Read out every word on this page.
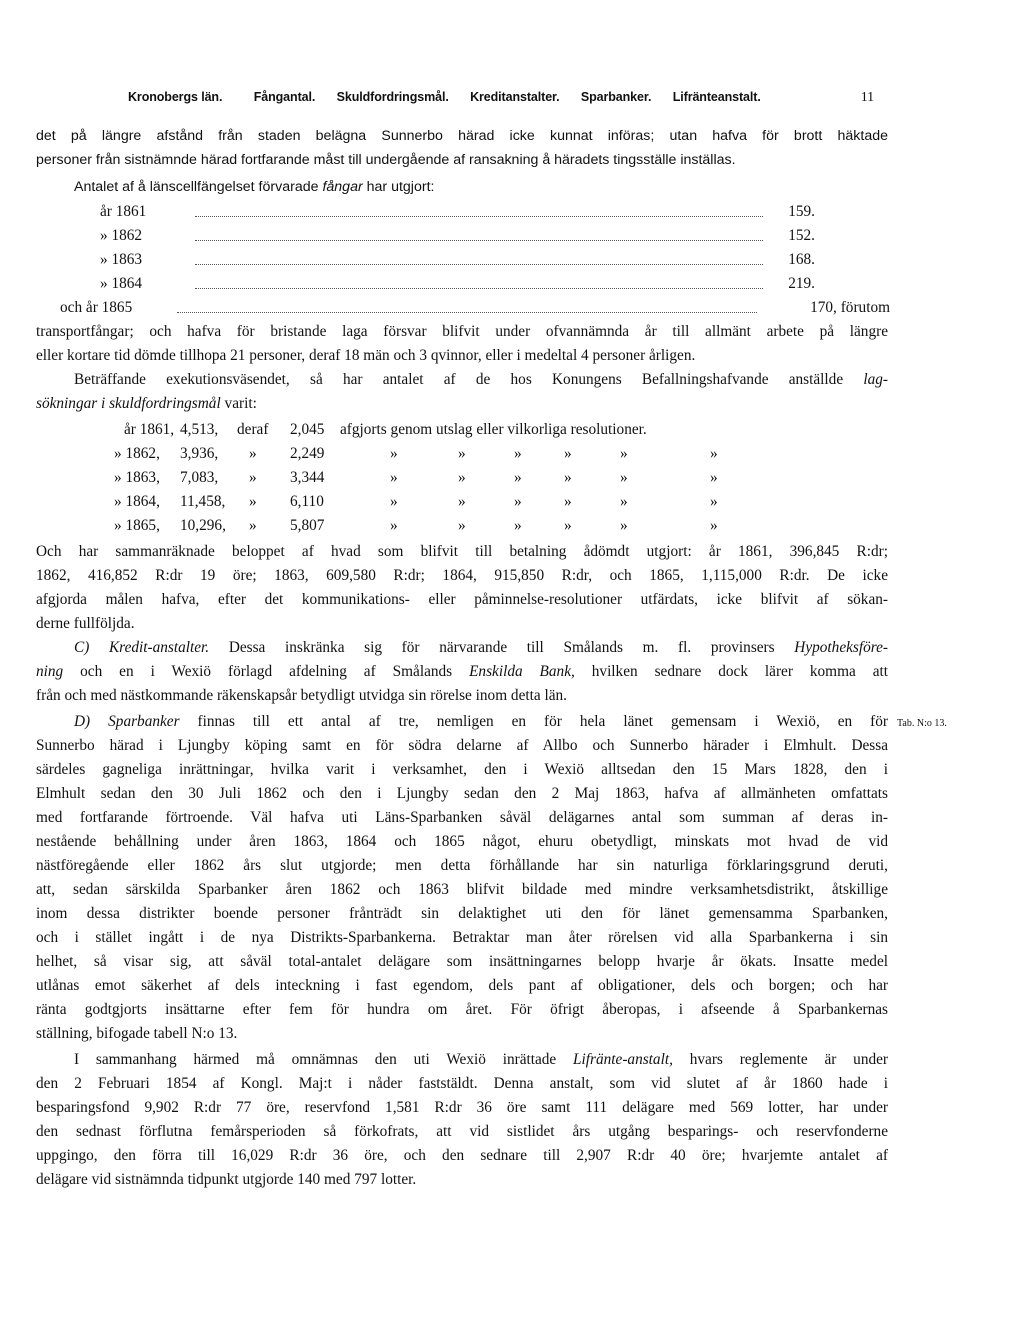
Kronobergs län.	Fångantal. Skuldfordringsmål. Kreditanstalter. Sparbanker. Lifränteanstalt.	11
det på längre afstånd från staden belägna Sunnerbo härad icke kunnat införas; utan hafva för brott häktade
personer från sistnämnde härad fortfarande måst till undergående af ransakning å häradets tingsställe inställas.
Antalet af å länscellfängelset förvarade fångar har utgjort:
år 1861	159.
» 1862	152.
» 1863	168.
» 1864	219.
och år 1865	170, förutom
transportfångar; och hafva för bristande laga försvar blifvit under ofvannämnda år till allmänt arbete på längre
eller kortare tid dömde tillhopa 21 personer, deraf 18 män och 3 qvinnor, eller i medeltal 4 personer årligen.
Beträffande exekutionsväsendet, så har antalet af de hos Konungens Befallningshafvande anställde lag-
sökningar i skuldfordringsmål varit:
år 1861, 4,513, deraf 2,045 afgjorts genom utslag eller vilkorliga resolutioner.
» 1862, 3,936, » 2,249	»	»	»	»	»	»
» 1863, 7,083, » 3,344	»	»	»	»	»	»
» 1864, 11,458, » 6,110	»	»	»	»	»	»
» 1865, 10,296, » 5,807	»	»	»	»	»	»
Och har sammanräknade beloppet af hvad som blifvit till betalning ådömdt utgjort: år 1861, 396,845 R:dr;
1862, 416,852 R:dr 19 öre; 1863, 609,580 R:dr; 1864, 915,850 R:dr, och 1865, 1,115,000 R:dr. De icke
afgjorda målen hafva, efter det kommunikations- eller påminnelse-resolutioner utfärdats, icke blifvit af sökan-
derne fullföljda.
C) Kredit-anstalter. Dessa inskränka sig för närvarande till Smålands m. fl. provinsers Hypotheksföre-
ning och en i Wexiö förlagd afdelning af Smålands Enskilda Bank, hvilken sednare dock lärer komma att
från och med nästkommande räkenskapsår betydligt utvidga sin rörelse inom detta län.
D) Sparbanker finnas till ett antal af tre, nemligen en för hela länet gemensam i Wexiö, en för Tab. N:o 13.
Sunnerbo härad i Ljungby köping samt en för södra delarne af Allbo och Sunnerbo härader i Elmhult. Dessa
särdeles gagneliga inrättningar, hvilka varit i verksamhet, den i Wexiö alltsedan den 15 Mars 1828, den i
Elmhult sedan den 30 Juli 1862 och den i Ljungby sedan den 2 Maj 1863, hafva af allmänheten omfattats
med fortfarande förtroende. Väl hafva uti Läns-Sparbanken såväl delägarnes antal som summan af deras in-
nestående behållning under åren 1863, 1864 och 1865 något, ehuru obetydligt, minskats mot hvad de vid
nästföregående eller 1862 års slut utgjorde; men detta förhållande har sin naturliga förklaringsgrund deruti,
att, sedan särskilda Sparbanker åren 1862 och 1863 blifvit bildade med mindre verksamhetsdistrikt, åtskillige
inom dessa distrikter boende personer frånträdt sin delaktighet uti den för länet gemensamma Sparbanken,
och i stället ingått i de nya Distrikts-Sparbankerna. Betraktar man åter rörelsen vid alla Sparbankerna i sin
helhet, så visar sig, att såväl total-antalet delägare som insättningarnes belopp hvarje år ökats. Insatte medel
utlånas emot säkerhet af dels inteckning i fast egendom, dels pant af obligationer, dels och borgen; och har
ränta godtgjorts insättarne efter fem för hundra om året. För öfrigt åberopas, i afseende å Sparbankernas
ställning, bifogade tabell N:o 13.
I sammanhang härmed må omnämnas den uti Wexiö inrättade Lifränte-anstalt, hvars reglemente är under
den 2 Februari 1854 af Kongl. Maj:t i nåder faststäldt. Denna anstalt, som vid slutet af år 1860 hade i
besparingsfond 9,902 R:dr 77 öre, reservfond 1,581 R:dr 36 öre samt 111 delägare med 569 lotter, har under
den sednast förflutna femårsperioden så förkofrats, att vid sistlidet års utgång besparings- och reservfonderne
uppgingo, den förra till 16,029 R:dr 36 öre, och den sednare till 2,907 R:dr 40 öre; hvarjemte antalet af
delägare vid sistnämnda tidpunkt utgjorde 140 med 797 lotter.
